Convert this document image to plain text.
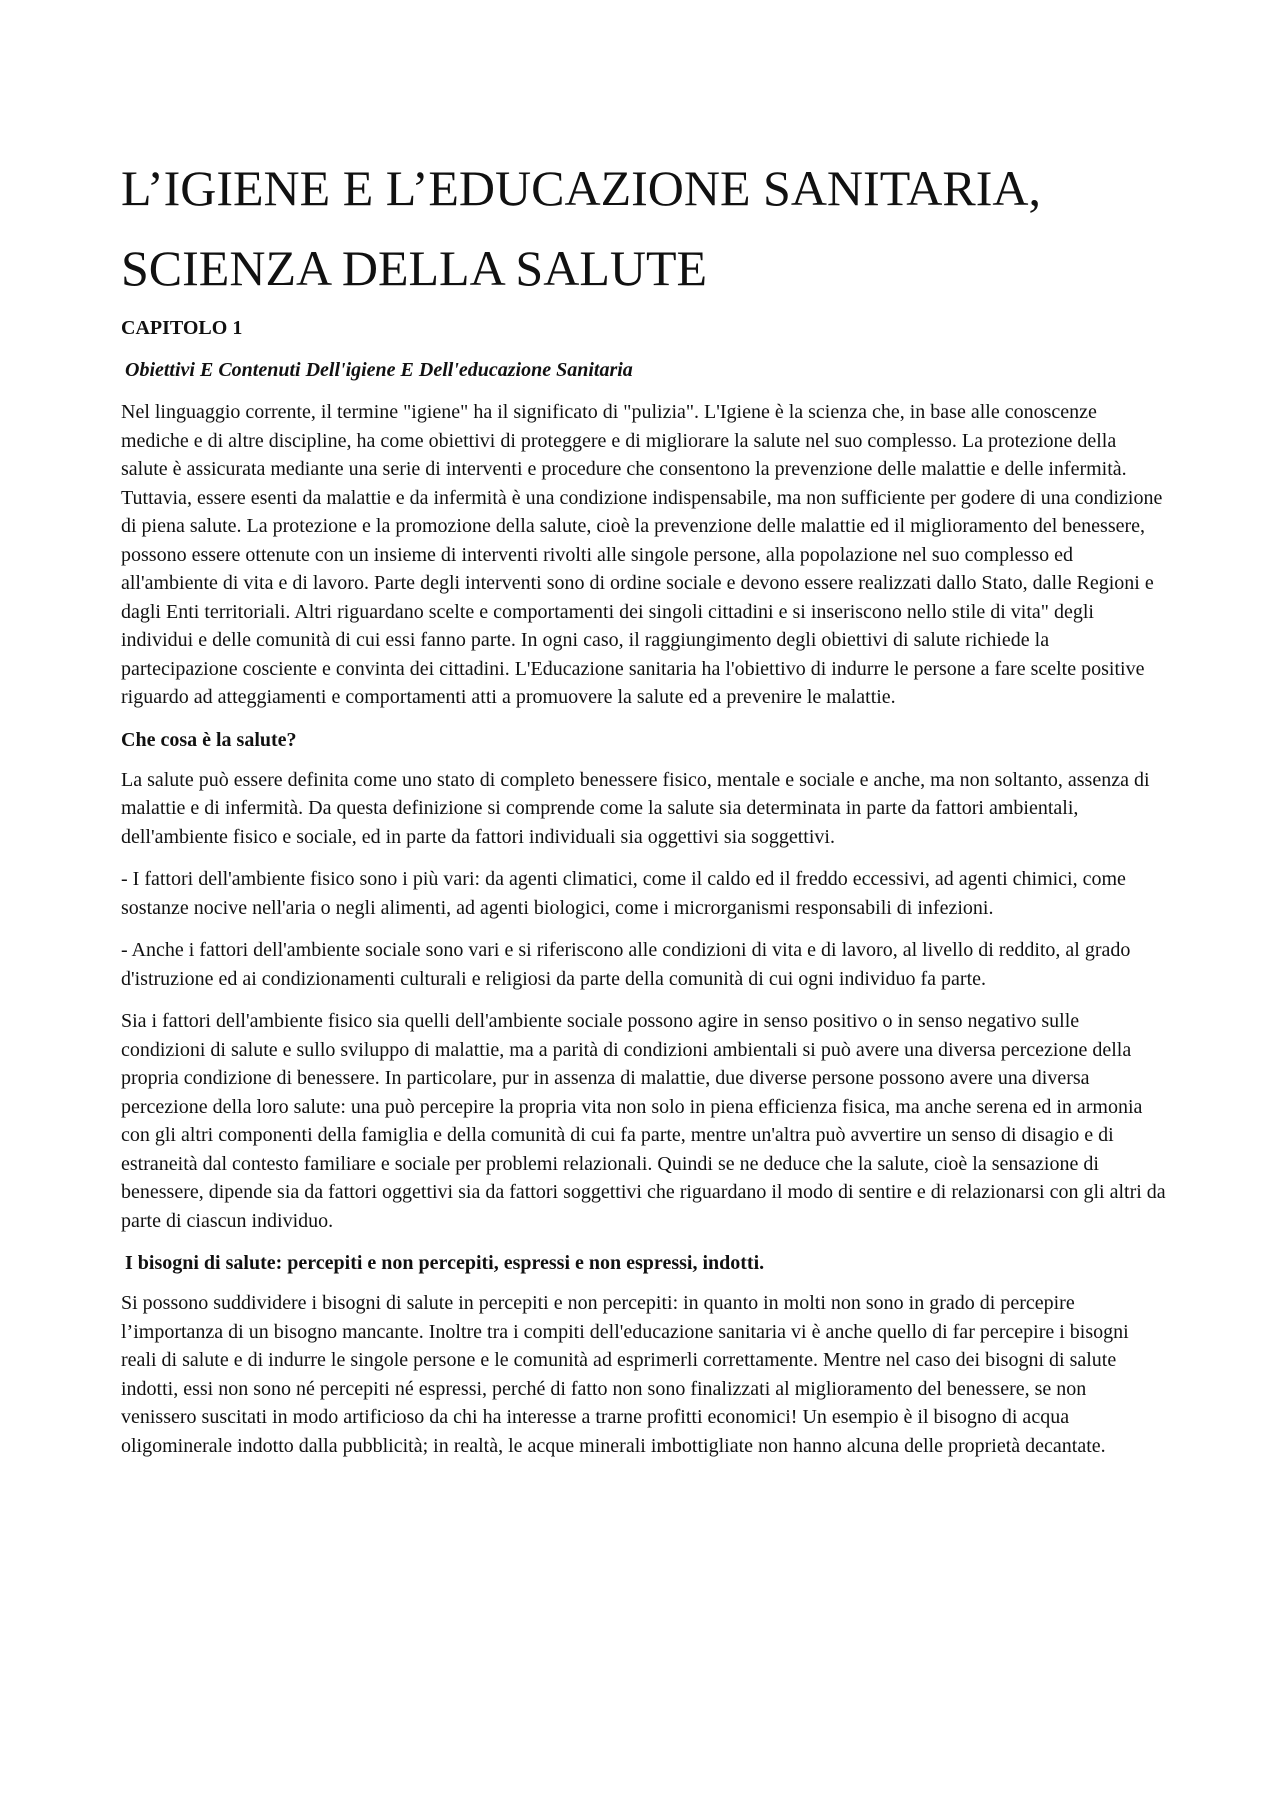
L’IGIENE E L’EDUCAZIONE SANITARIA,
SCIENZA DELLA SALUTE
CAPITOLO 1
Obiettivi E Contenuti Dell'igiene E Dell'educazione Sanitaria

Nel linguaggio corrente, il termine "igiene" ha il significato di "pulizia". L'Igiene è la scienza che, in base alle conoscenze mediche e di altre discipline, ha come obiettivi di proteggere e di migliorare la salute nel suo complesso. La protezione della salute è assicurata mediante una serie di interventi e procedure che consentono la prevenzione delle malattie e delle infermità. Tuttavia, essere esenti da malattie e da infermità è una condizione indispensabile, ma non sufficiente per godere di una condizione di piena salute. La protezione e la promozione della salute, cioè la prevenzione delle malattie ed il miglioramento del benessere, possono essere ottenute con un insieme di interventi rivolti alle singole persone, alla popolazione nel suo complesso ed all'ambiente di vita e di lavoro. Parte degli interventi sono di ordine sociale e devono essere realizzati dallo Stato, dalle Regioni e dagli Enti territoriali. Altri riguardano scelte e comportamenti dei singoli cittadini e si inseriscono nello stile di vita" degli individui e delle comunità di cui essi fanno parte. In ogni caso, il raggiungimento degli obiettivi di salute richiede la partecipazione cosciente e convinta dei cittadini. L'Educazione sanitaria ha l'obiettivo di indurre le persone a fare scelte positive riguardo ad atteggiamenti e comportamenti atti a promuovere la salute ed a prevenire le malattie.

Che cosa è la salute?

La salute può essere definita come uno stato di completo benessere fisico, mentale e sociale e anche, ma non soltanto, assenza di malattie e di infermità. Da questa definizione si comprende come la salute sia determinata in parte da fattori ambientali, dell'ambiente fisico e sociale, ed in parte da fattori individuali sia oggettivi sia soggettivi.

- I fattori dell'ambiente fisico sono i più vari: da agenti climatici, come il caldo ed il freddo eccessivi, ad agenti chimici, come sostanze nocive nell'aria o negli alimenti, ad agenti biologici, come i microrganismi responsabili di infezioni.

- Anche i fattori dell'ambiente sociale sono vari e si riferiscono alle condizioni di vita e di lavoro, al livello di reddito, al grado d'istruzione ed ai condizionamenti culturali e religiosi da parte della comunità di cui ogni individuo fa parte.

Sia i fattori dell'ambiente fisico sia quelli dell'ambiente sociale possono agire in senso positivo o in senso negativo sulle condizioni di salute e sullo sviluppo di malattie, ma a parità di condizioni ambientali si può avere una diversa percezione della propria condizione di benessere. In particolare, pur in assenza di malattie, due diverse persone possono avere una diversa percezione della loro salute: una può percepire la propria vita non solo in piena efficienza fisica, ma anche serena ed in armonia con gli altri componenti della famiglia e della comunità di cui fa parte, mentre un'altra può avvertire un senso di disagio e di estraneità dal contesto familiare e sociale per problemi relazionali. Quindi se ne deduce che la salute, cioè la sensazione di benessere, dipende sia da fattori oggettivi sia da fattori soggettivi che riguardano il modo di sentire e di relazionarsi con gli altri da parte di ciascun individuo.

I bisogni di salute: percepiti e non percepiti, espressi e non espressi, indotti.

Si possono suddividere i bisogni di salute in percepiti e non percepiti: in quanto in molti non sono in grado di percepire l’importanza di un bisogno mancante. Inoltre tra i compiti dell'educazione sanitaria vi è anche quello di far percepire i bisogni reali di salute e di indurre le singole persone e le comunità ad esprimerli correttamente. Mentre nel caso dei bisogni di salute indotti, essi non sono né percepiti né espressi, perché di fatto non sono finalizzati al miglioramento del benessere, se non venissero suscitati in modo artificioso da chi ha interesse a trarne profitti economici! Un esempio è il bisogno di acqua oligominerale indotto dalla pubblicità; in realtà, le acque minerali imbottigliate non hanno alcuna delle proprietà decantate.
